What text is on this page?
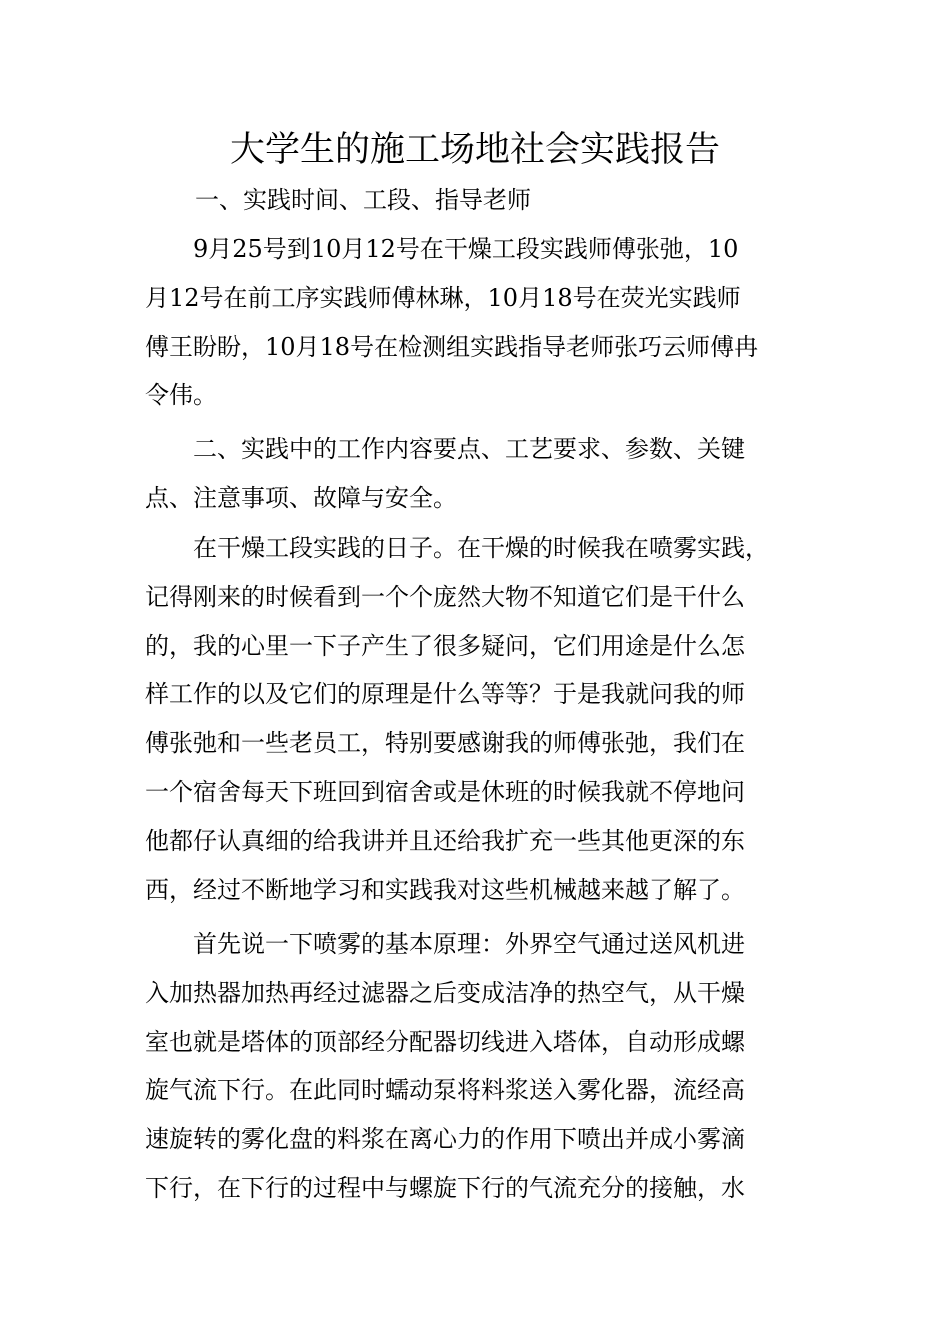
大学生的施工场地社会实践报告

一、实践时间、工段、指导老师

　　9月25号到10月12号在干燥工段实践师傅张弛，10
月12号在前工序实践师傅林琳，10月18号在荧光实践师
傅王盼盼，10月18号在检测组实践指导老师张巧云师傅冉
令伟。
　　二、实践中的工作内容要点、工艺要求、参数、关键
点、注意事项、故障与安全。
　　在干燥工段实践的日子。在干燥的时候我在喷雾实践，
记得刚来的时候看到一个个庞然大物不知道它们是干什么
的，我的心里一下子产生了很多疑问，它们用途是什么怎
样工作的以及它们的原理是什么等等？于是我就问我的师
傅张弛和一些老员工，特别要感谢我的师傅张弛，我们在
一个宿舍每天下班回到宿舍或是休班的时候我就不停地问
他都仔认真细的给我讲并且还给我扩充一些其他更深的东
西，经过不断地学习和实践我对这些机械越来越了解了。
　　首先说一下喷雾的基本原理：外界空气通过送风机进
入加热器加热再经过滤器之后变成洁净的热空气，从干燥
室也就是塔体的顶部经分配器切线进入塔体，自动形成螺
旋气流下行。在此同时蠕动泵将料浆送入雾化器，流经高
速旋转的雾化盘的料浆在离心力的作用下喷出并成小雾滴
下行，在下行的过程中与螺旋下行的气流充分的接触，水
